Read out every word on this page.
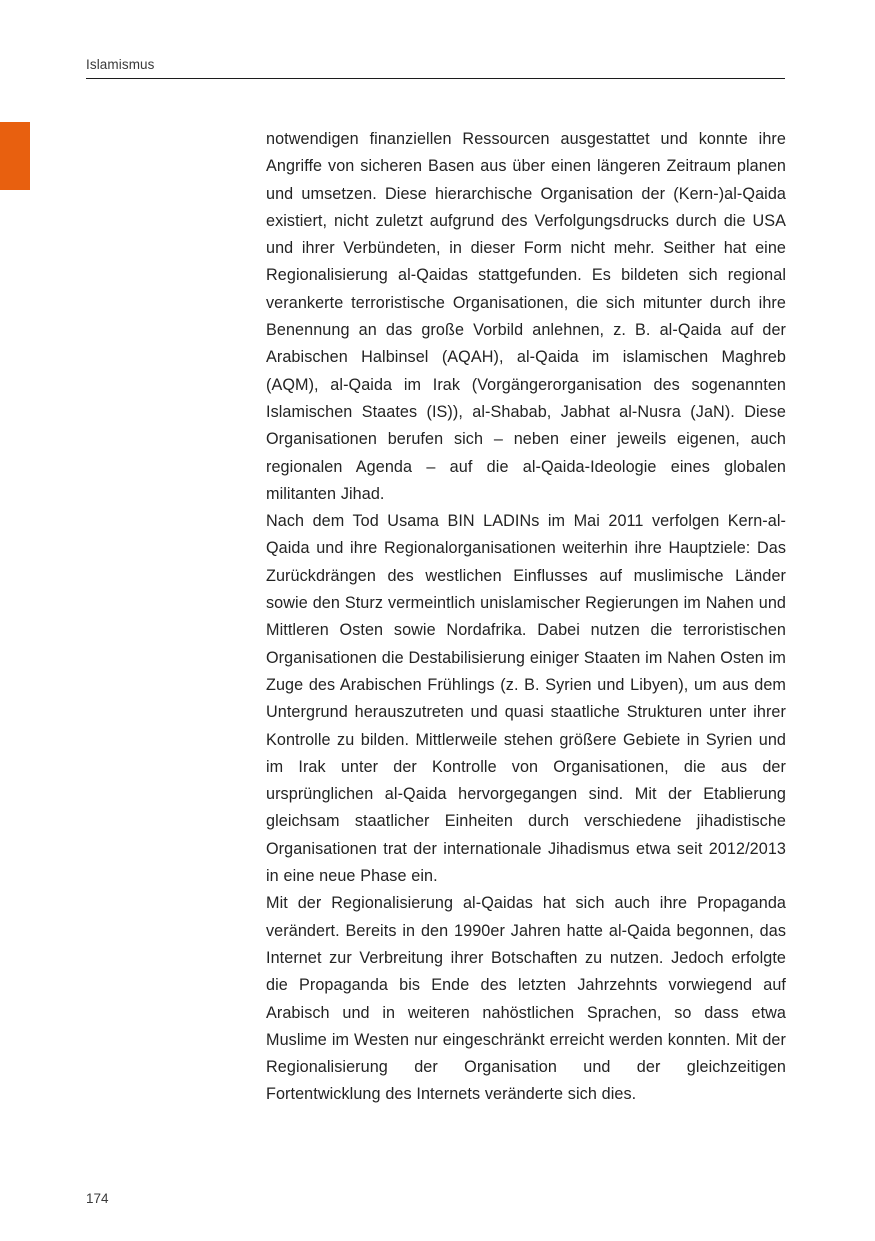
Islamismus

notwendigen finanziellen Ressourcen ausgestattet und konnte ihre Angriffe von sicheren Basen aus über einen längeren Zeitraum planen und umsetzen. Diese hierarchische Organisation der (Kern-)al-Qaida existiert, nicht zuletzt aufgrund des Verfolgungsdrucks durch die USA und ihrer Verbündeten, in dieser Form nicht mehr. Seither hat eine Regionalisierung al-Qaidas stattgefunden. Es bildeten sich regional verankerte terroristische Organisationen, die sich mitunter durch ihre Benennung an das große Vorbild anlehnen, z. B. al-Qaida auf der Arabischen Halbinsel (AQAH), al-Qaida im islamischen Maghreb (AQM), al-Qaida im Irak (Vorgängerorganisation des sogenannten Islamischen Staates (IS)), al-Shabab, Jabhat al-Nusra (JaN). Diese Organisationen berufen sich – neben einer jeweils eigenen, auch regionalen Agenda – auf die al-Qaida-Ideologie eines globalen militanten Jihad.

Nach dem Tod Usama BIN LADINs im Mai 2011 verfolgen Kern-al-Qaida und ihre Regionalorganisationen weiterhin ihre Hauptziele: Das Zurückdrängen des westlichen Einflusses auf muslimische Länder sowie den Sturz vermeintlich unislamischer Regierungen im Nahen und Mittleren Osten sowie Nordafrika. Dabei nutzen die terroristischen Organisationen die Destabilisierung einiger Staaten im Nahen Osten im Zuge des Arabischen Frühlings (z. B. Syrien und Libyen), um aus dem Untergrund herauszutreten und quasi staatliche Strukturen unter ihrer Kontrolle zu bilden. Mittlerweile stehen größere Gebiete in Syrien und im Irak unter der Kontrolle von Organisationen, die aus der ursprünglichen al-Qaida hervorgegangen sind. Mit der Etablierung gleichsam staatlicher Einheiten durch verschiedene jihadistische Organisationen trat der internationale Jihadismus etwa seit 2012/2013 in eine neue Phase ein.

Mit der Regionalisierung al-Qaidas hat sich auch ihre Propaganda verändert. Bereits in den 1990er Jahren hatte al-Qaida begonnen, das Internet zur Verbreitung ihrer Botschaften zu nutzen. Jedoch erfolgte die Propaganda bis Ende des letzten Jahrzehnts vorwiegend auf Arabisch und in weiteren nahöstlichen Sprachen, so dass etwa Muslime im Westen nur eingeschränkt erreicht werden konnten. Mit der Regionalisierung der Organisation und der gleichzeitigen Fortentwicklung des Internets veränderte sich dies.

174
